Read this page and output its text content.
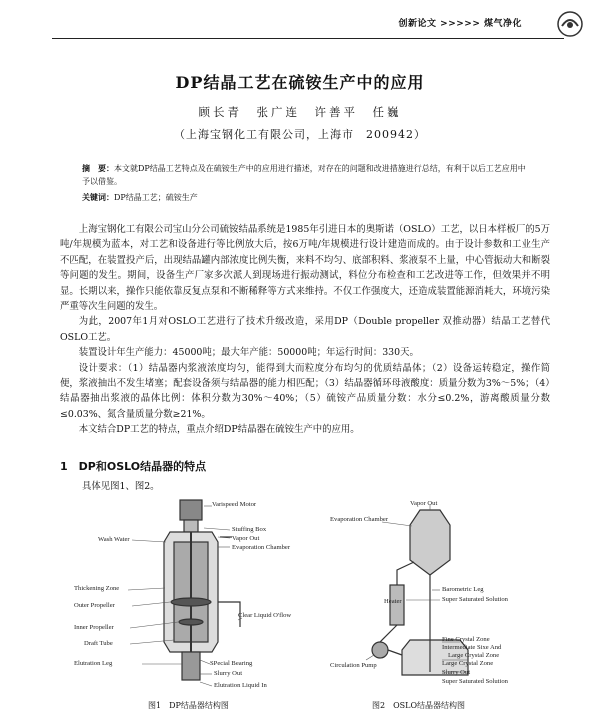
创新论文 >>>>> 煤气净化
DP结晶工艺在硫铵生产中的应用
顾长青　张广连　许善平　任巍
（上海宝钢化工有限公司，上海市　200942）
摘　要：本文就DP结晶工艺特点及在硫铵生产中的应用进行描述，对存在的问题和改进措施进行总结，有利于以后工艺应用中予以借鉴。
关键词：DP结晶工艺；硫铵生产

上海宝钢化工有限公司宝山分公司硫铵结晶系统是1985年引进日本的奥斯诺（OSLO）工艺，以日本样板厂的5万吨/年规模为蓝本，对工艺和设备进行等比例放大后，按6万吨/年规模进行设计建造而成的。由于设计参数和工业生产不匹配，在装置投产后，出现结晶罐内部浓度比例失衡，来料不均匀、底部积料、浆液泵不上量，中心管振动大和断裂等问题的发生。期间，设备生产厂家多次派人到现场进行振动测试，料位分布检查和工艺改进等工作，但效果并不明显。长期以来，操作只能依靠反复点泵和不断稀释等方式来维持。不仅工作强度大，还造成装置能源消耗大，环境污染严重等次生问题的发生。

为此，2007年1月对OSLO工艺进行了技术升级改造，采用DP（Double propeller 双推动器）结晶工艺替代OSLO工艺。

装置设计年生产能力：45000吨；最大年产能：50000吨；年运行时间：330天。

设计要求：（1）结晶器内浆液浓度均匀，能得到大而粒度分布均匀的优质结晶体；（2）设备运转稳定，操作简便，浆液抽出不发生堵塞；配套设备须与结晶器的能力相匹配；（3）结晶器循环母液酸度：质量分数为3%～5%；（4）结晶器抽出浆液的晶体比例：体积分数为30%～40%；（5）硫铵产品质量分数：水分≤0.2%，游离酸质量分数≤0.03%、氮含量质量分数≥21%。

本文结合DP工艺的特点，重点介绍DP结晶器在硫铵生产中的应用。

1　DP和OSLO结晶器的特点
具体见图1、图2。
Varispeed Motor
Wash Water
Stuffing Box
Vapor Out
Evaporation Chamber
Thickening Zone
Outer Propeller
Clear Liquid O'flow
Inner Propeller
Draft Tube
SPecial Bearing
Elutration Leg
Slurry Out
Elutration Liquid In
图1　DP结晶器结构图
Vapor Out
Evaporation Chamber
Barometric Leg
Heater	Super Saturated Solution
Fine Crystal Zone
Intermediate Sixe And
Large Crystal Zone
Large Crystal Zone
Circulation Pump
Slurry Out
Super Saturated Solution
图2　OSLO结晶器结构图
